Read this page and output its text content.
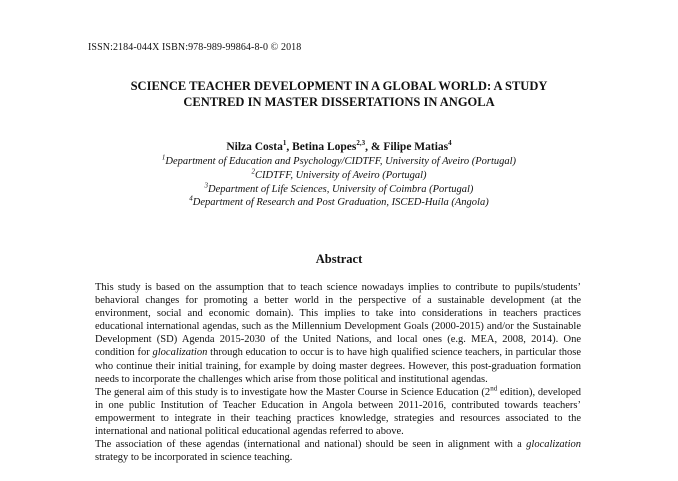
ISSN:2184-044X ISBN:978-989-99864-8-0 © 2018
SCIENCE TEACHER DEVELOPMENT IN A GLOBAL WORLD: A STUDY
CENTRED IN MASTER DISSERTATIONS IN ANGOLA
Nilza Costa$^1$, Betina Lopes$^{2,3}$, & Filipe Matias$^4$
$^1$Department of Education and Psychology/CIDTFF, University of Aveiro (Portugal)
$^2$CIDTFF, University of Aveiro (Portugal)
$^3$Department of Life Sciences, University of Coimbra (Portugal)
$^4$Department of Research and Post Graduation, ISCED-Huíla (Angola)
Abstract

This study is based on the assumption that to teach science nowadays implies to contribute to pupils/students’ behavioral changes for promoting a better world in the perspective of a sustainable development (at the environment, social and economic domain). This implies to take into considerations in teachers practices educational international agendas, such as the Millennium Development Goals (2000-2015) and/or the Sustainable Development (SD) Agenda 2015-2030 of the United Nations, and local ones (e.g. MEA, 2008, 2014). One condition for glocalization through education to occur is to have high qualified science teachers, in particular those who continue their initial training, for example by doing master degrees. However, this post-graduation formation needs to incorporate the challenges which arise from those political and institutional agendas.

The general aim of this study is to investigate how the Master Course in Science Education (2nd edition), developed in one public Institution of Teacher Education in Angola between 2011-2016, contributed towards teachers’ empowerment to integrate in their teaching practices knowledge, strategies and resources associated to the international and national political educational agendas referred to above.

The association of these agendas (international and national) should be seen in alignment with a glocalization strategy to be incorporated in science teaching.
